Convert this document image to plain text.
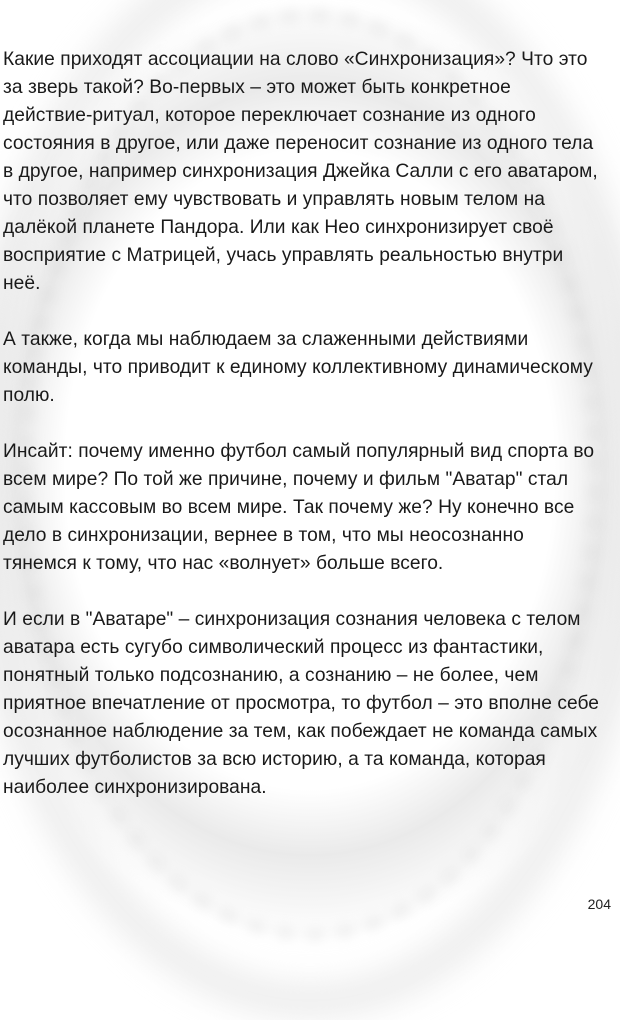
Какие приходят ассоциации на слово «Синхронизация»? Что это за зверь такой? Во-первых – это может быть конкретное действие-ритуал, которое переключает сознание из одного состояния в другое, или даже переносит сознание из одного тела в другое, например синхронизация Джейка Салли с его аватаром, что позволяет ему чувствовать и управлять новым телом на далёкой планете Пандора. Или как Нео синхронизирует своё восприятие с Матрицей, учась управлять реальностью внутри неё.

А также, когда мы наблюдаем за слаженными действиями команды, что приводит к единому коллективному динамическому полю.

Инсайт: почему именно футбол самый популярный вид спорта во всем мире? По той же причине, почему и фильм "Аватар" стал самым кассовым во всем мире. Так почему же? Ну конечно все дело в синхронизации, вернее в том, что мы неосознанно тянемся к тому, что нас «волнует» больше всего.

И если в "Аватаре" – синхронизация сознания человека с телом аватара есть сугубо символический процесс из фантастики, понятный только подсознанию, а сознанию – не более, чем приятное впечатление от просмотра, то футбол – это вполне себе осознанное наблюдение за тем, как побеждает не команда самых лучших футболистов за всю историю, а та команда, которая наиболее синхронизирована.

204
